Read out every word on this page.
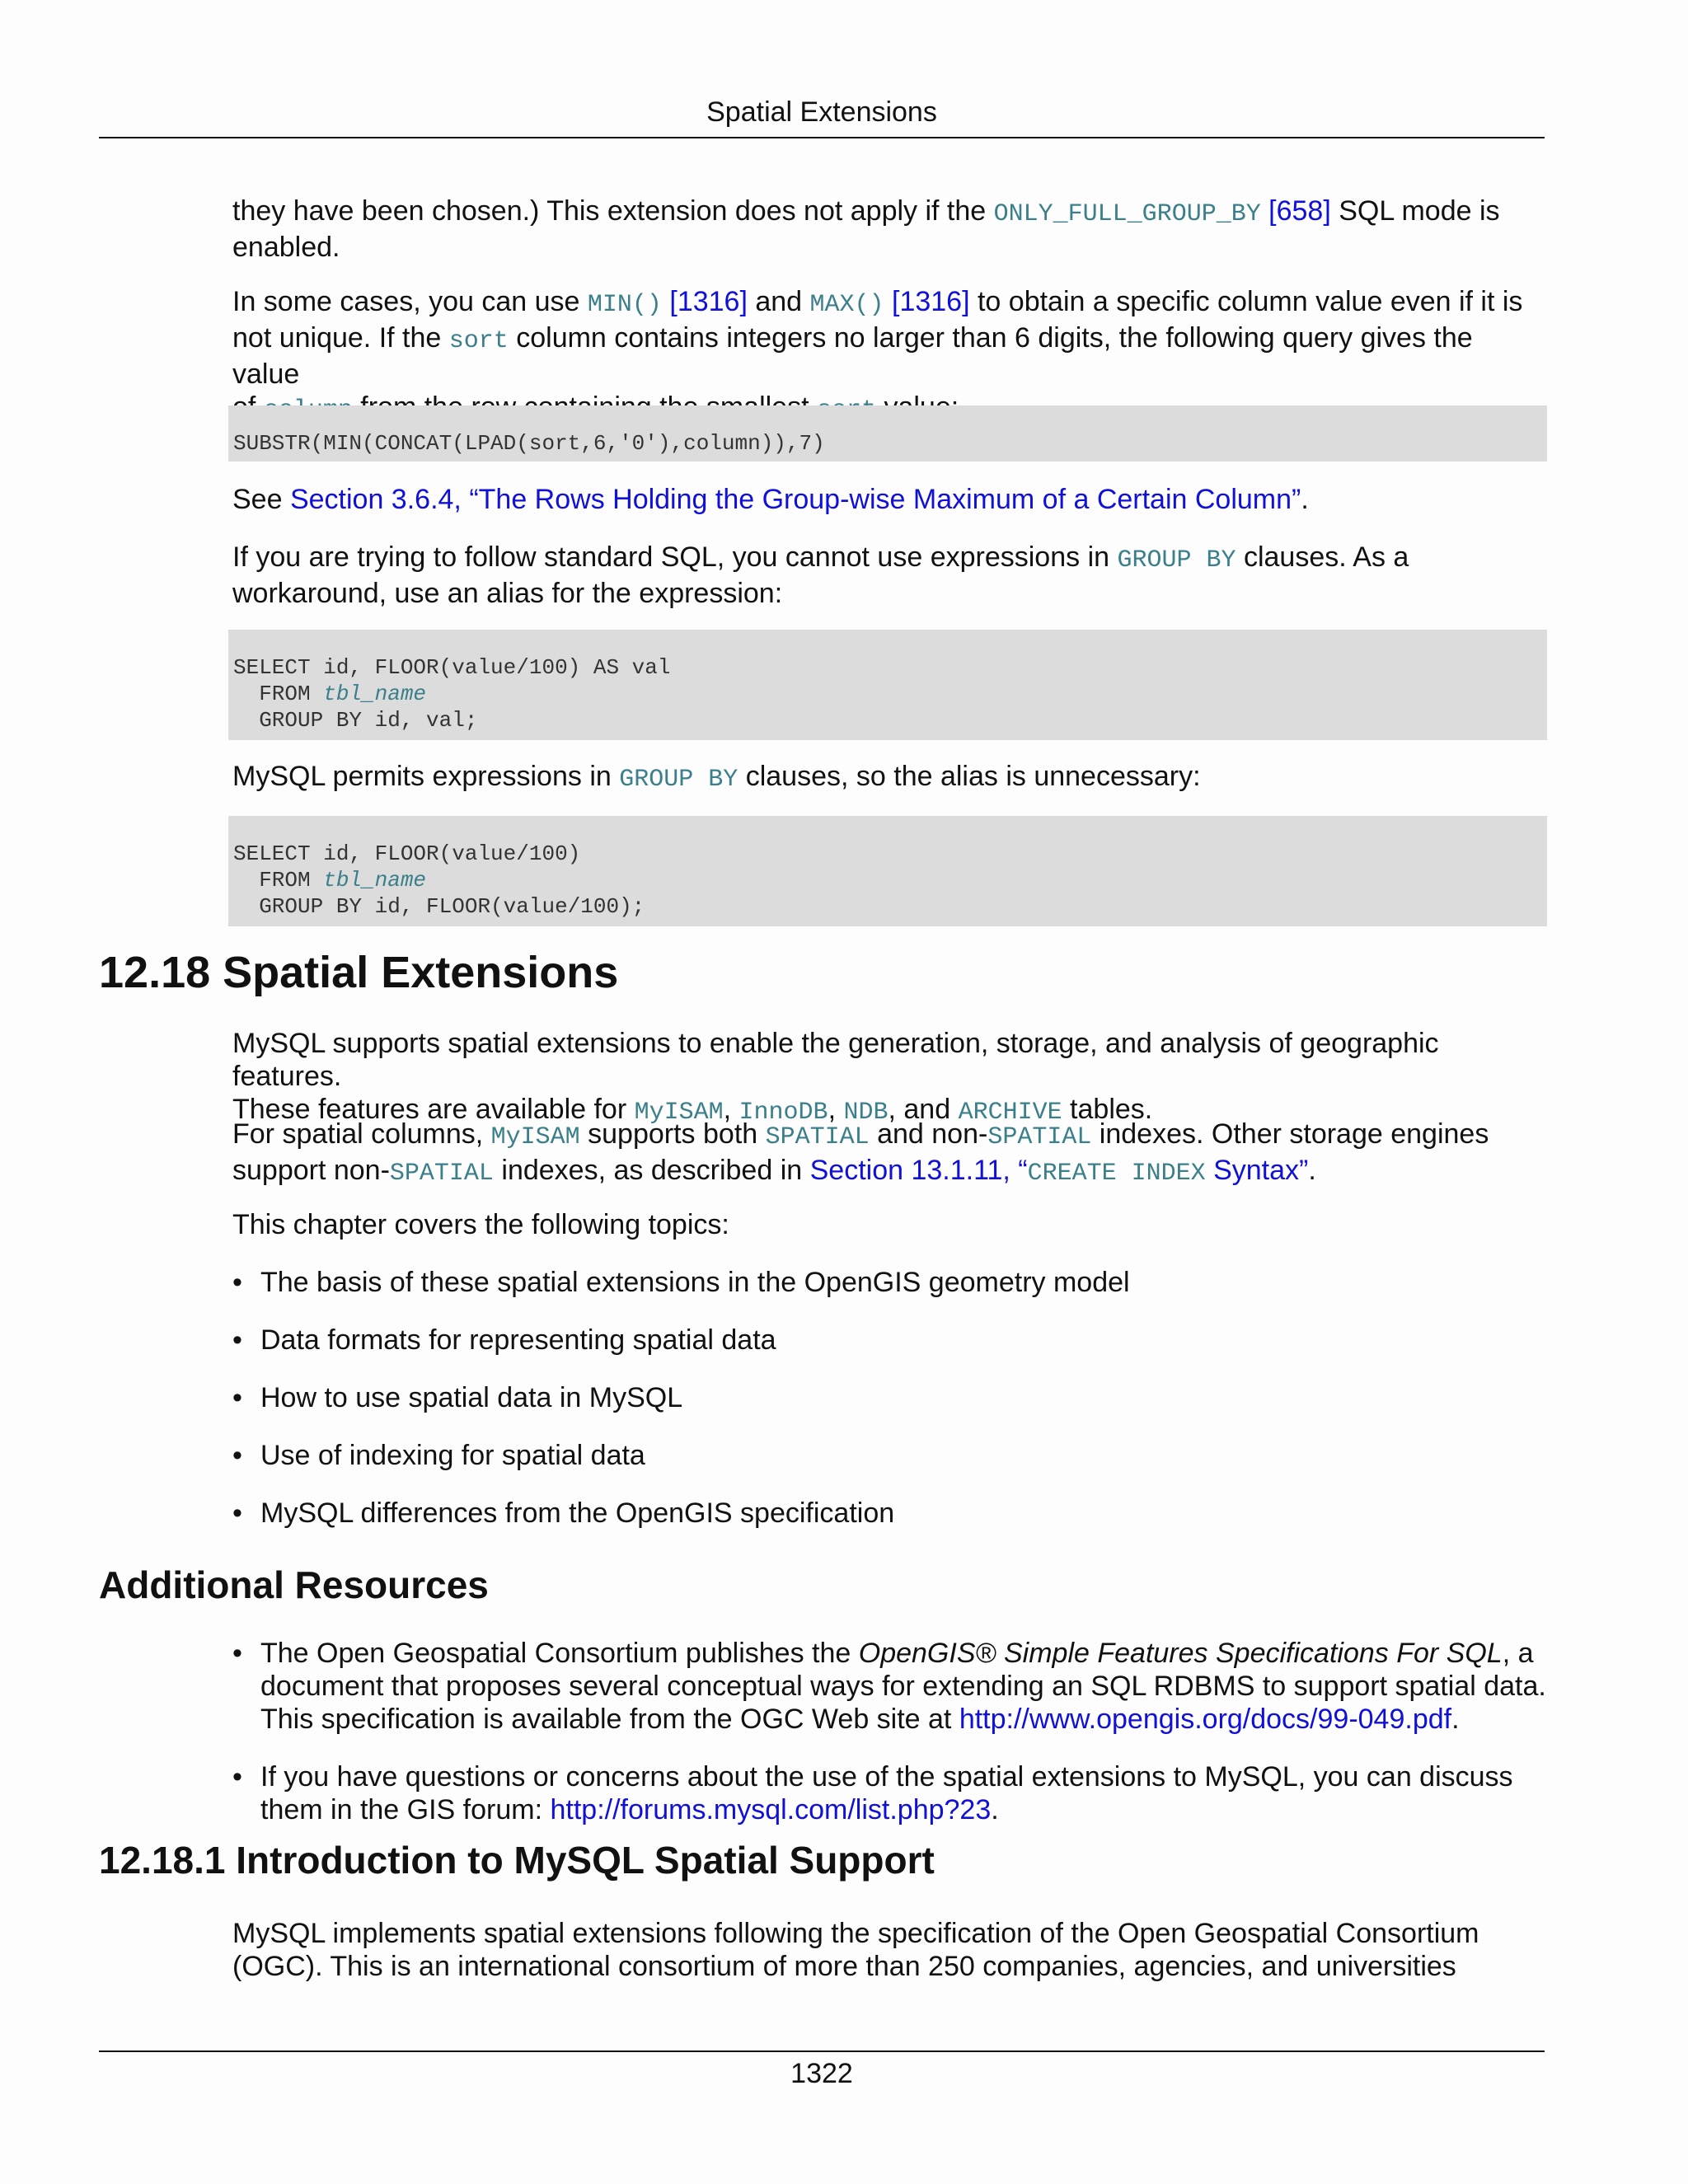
Spatial Extensions
they have been chosen.) This extension does not apply if the ONLY_FULL_GROUP_BY [658] SQL mode is
enabled.
In some cases, you can use MIN() [1316] and MAX() [1316] to obtain a specific column value even if it is
not unique. If the sort column contains integers no larger than 6 digits, the following query gives the value

SUBSTR(MIN(CONCAT(LPAD(sort,6,'0'),column)),7)
See Section 3.6.4, “The Rows Holding the Group-wise Maximum of a Certain Column”.
If you are trying to follow standard SQL, you cannot use expressions in GROUP BY clauses. As a
workaround, use an alias for the expression:
SELECT id, FLOOR(value/100) AS val
FROM tbl_name
GROUP BY id, val;
MySQL permits expressions in GROUP BY clauses, so the alias is unnecessary:
SELECT id, FLOOR(value/100)
FROM tbl_name
GROUP BY id, FLOOR(value/100);
12.18 Spatial Extensions
MySQL supports spatial extensions to enable the generation, storage, and analysis of geographic features.
These features are available for MyISAM, InnoDB, NDB, and ARCHIVE tables.
For spatial columns, MyISAM supports both SPATIAL and non-SPATIAL indexes. Other storage engines
support non-SPATIAL indexes, as described in Section 13.1.11, “CREATE INDEX Syntax”.
This chapter covers the following topics:
• The basis of these spatial extensions in the OpenGIS geometry model
• Data formats for representing spatial data
• How to use spatial data in MySQL
• Use of indexing for spatial data
• MySQL differences from the OpenGIS specification
Additional Resources
• The Open Geospatial Consortium publishes the OpenGIS® Simple Features Specifications For SQL, a
document that proposes several conceptual ways for extending an SQL RDBMS to support spatial data.
This specification is available from the OGC Web site at http://www.opengis.org/docs/99-049.pdf.
• If you have questions or concerns about the use of the spatial extensions to MySQL, you can discuss
them in the GIS forum: http://forums.mysql.com/list.php?23.
12.18.1 Introduction to MySQL Spatial Support
MySQL implements spatial extensions following the specification of the Open Geospatial Consortium
(OGC). This is an international consortium of more than 250 companies, agencies, and universities
1322
